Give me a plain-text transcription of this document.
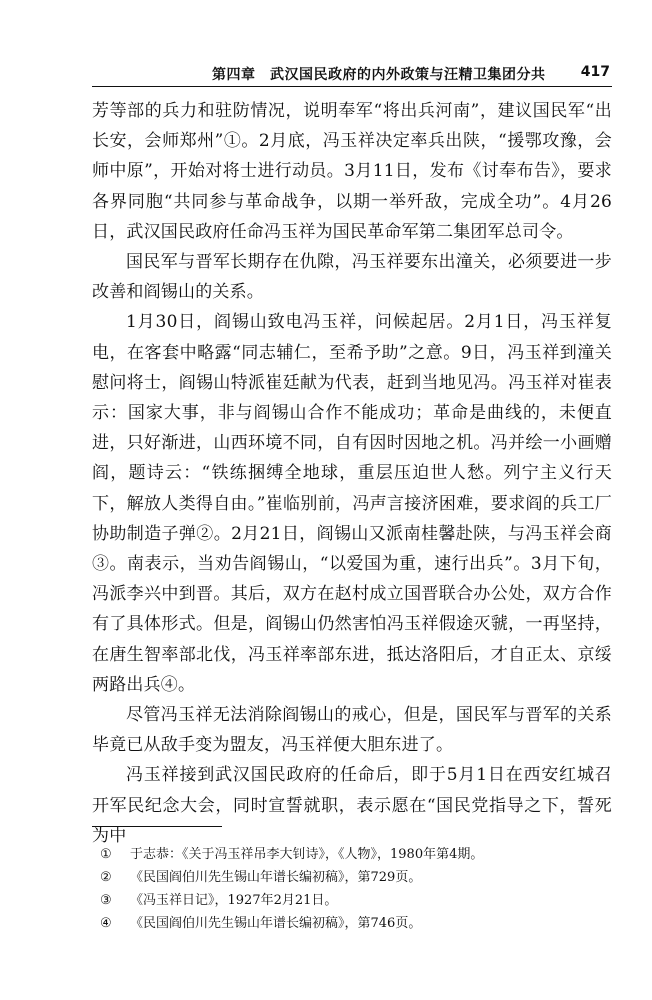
第四章　武汉国民政府的内外政策与汪精卫集团分共	417

芳等部的兵力和驻防情况，说明奉军“将出兵河南”，建议国民军“出长安，会师郑州”①。2月底，冯玉祥决定率兵出陕，“援鄂攻豫，会师中原”，开始对将士进行动员。3月11日，发布《讨奉布告》，要求各界同胞“共同参与革命战争，以期一举歼敌，完成全功”。4月26日，武汉国民政府任命冯玉祥为国民革命军第二集团军总司令。

国民军与晋军长期存在仇隙，冯玉祥要东出潼关，必须要进一步改善和阎锡山的关系。

1月30日，阎锡山致电冯玉祥，问候起居。2月1日，冯玉祥复电，在客套中略露“同志辅仁，至希予助”之意。9日，冯玉祥到潼关慰问将士，阎锡山特派崔廷献为代表，赶到当地见冯。冯玉祥对崔表示：国家大事，非与阎锡山合作不能成功；革命是曲线的，未便直进，只好渐进，山西环境不同，自有因时因地之机。冯并绘一小画赠阎，题诗云：“铁练捆缚全地球，重层压迫世人愁。列宁主义行天下，解放人类得自由。”崔临别前，冯声言接济困难，要求阎的兵工厂协助制造子弹②。2月21日，阎锡山又派南桂馨赴陕，与冯玉祥会商③。南表示，当劝告阎锡山，“以爱国为重，速行出兵”。3月下旬，冯派李兴中到晋。其后，双方在赵村成立国晋联合办公处，双方合作有了具体形式。但是，阎锡山仍然害怕冯玉祥假途灭虢，一再坚持，在唐生智率部北伐，冯玉祥率部东进，抵达洛阳后，才自正太、京绥两路出兵④。

尽管冯玉祥无法消除阎锡山的戒心，但是，国民军与晋军的关系毕竟已从敌手变为盟友，冯玉祥便大胆东进了。

冯玉祥接到武汉国民政府的任命后，即于5月1日在西安红城召开军民纪念大会，同时宣誓就职，表示愿在“国民党指导之下，誓死为中

① 于志恭：《关于冯玉祥吊李大钊诗》，《人物》，1980年第4期。
② 《民国阎伯川先生锡山年谱长编初稿》，第729页。
③ 《冯玉祥日记》，1927年2月21日。
④ 《民国阎伯川先生锡山年谱长编初稿》，第746页。
